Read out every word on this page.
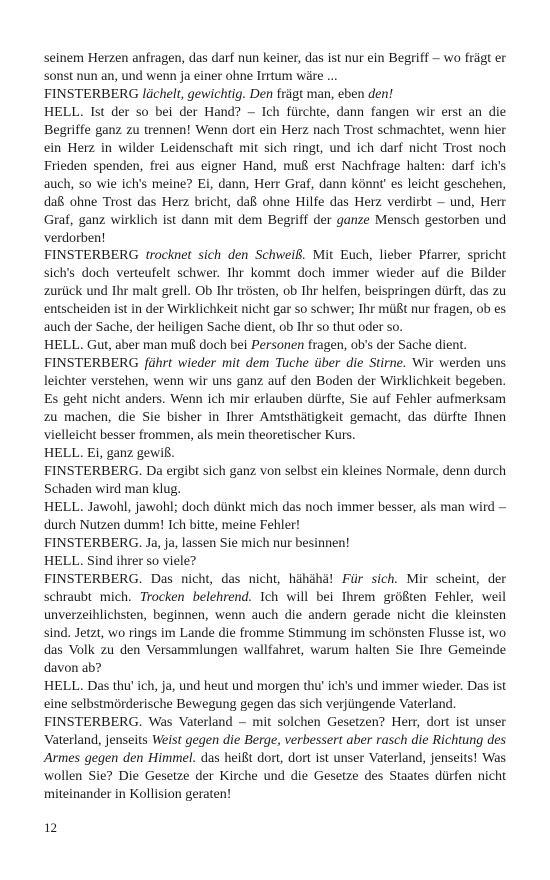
seinem Herzen anfragen, das darf nun keiner, das ist nur ein Begriff – wo frägt er sonst nun an, und wenn ja einer ohne Irrtum wäre ...

FINSTERBERG lächelt, gewichtig. Den frägt man, eben den!

HELL. Ist der so bei der Hand? – Ich fürchte, dann fangen wir erst an die Begriffe ganz zu trennen! Wenn dort ein Herz nach Trost schmachtet, wenn hier ein Herz in wilder Leidenschaft mit sich ringt, und ich darf nicht Trost noch Frieden spenden, frei aus eigner Hand, muß erst Nachfrage halten: darf ich's auch, so wie ich's meine? Ei, dann, Herr Graf, dann könnt' es leicht geschehen, daß ohne Trost das Herz bricht, daß ohne Hilfe das Herz verdirbt – und, Herr Graf, ganz wirklich ist dann mit dem Begriff der ganze Mensch gestorben und verdorben!

FINSTERBERG trocknet sich den Schweiß. Mit Euch, lieber Pfarrer, spricht sich's doch verteufelt schwer. Ihr kommt doch immer wieder auf die Bilder zurück und Ihr malt grell. Ob Ihr trösten, ob Ihr helfen, beispringen dürft, das zu entscheiden ist in der Wirklichkeit nicht gar so schwer; Ihr müßt nur fragen, ob es auch der Sache, der heiligen Sache dient, ob Ihr so thut oder so.

HELL. Gut, aber man muß doch bei Personen fragen, ob's der Sache dient.

FINSTERBERG fährt wieder mit dem Tuche über die Stirne. Wir werden uns leichter verstehen, wenn wir uns ganz auf den Boden der Wirklichkeit begeben. Es geht nicht anders. Wenn ich mir erlauben dürfte, Sie auf Fehler aufmerksam zu machen, die Sie bisher in Ihrer Amtsthätigkeit gemacht, das dürfte Ihnen vielleicht besser frommen, als mein theoretischer Kurs.

HELL. Ei, ganz gewiß.

FINSTERBERG. Da ergibt sich ganz von selbst ein kleines Normale, denn durch Schaden wird man klug.

HELL. Jawohl, jawohl; doch dünkt mich das noch immer besser, als man wird – durch Nutzen dumm! Ich bitte, meine Fehler!

FINSTERBERG. Ja, ja, lassen Sie mich nur besinnen!

HELL. Sind ihrer so viele?

FINSTERBERG. Das nicht, das nicht, hähähä! Für sich. Mir scheint, der schraubt mich. Trocken belehrend. Ich will bei Ihrem größten Fehler, weil unverzeihlichsten, beginnen, wenn auch die andern gerade nicht die kleinsten sind. Jetzt, wo rings im Lande die fromme Stimmung im schönsten Flusse ist, wo das Volk zu den Versammlungen wallfahret, warum halten Sie Ihre Gemeinde davon ab?

HELL. Das thu' ich, ja, und heut und morgen thu' ich's und immer wieder. Das ist eine selbstmörderische Bewegung gegen das sich verjüngende Vaterland.

FINSTERBERG. Was Vaterland – mit solchen Gesetzen? Herr, dort ist unser Vaterland, jenseits Weist gegen die Berge, verbessert aber rasch die Richtung des Armes gegen den Himmel. das heißt dort, dort ist unser Vaterland, jenseits! Was wollen Sie? Die Gesetze der Kirche und die Gesetze des Staates dürfen nicht miteinander in Kollision geraten!

12
